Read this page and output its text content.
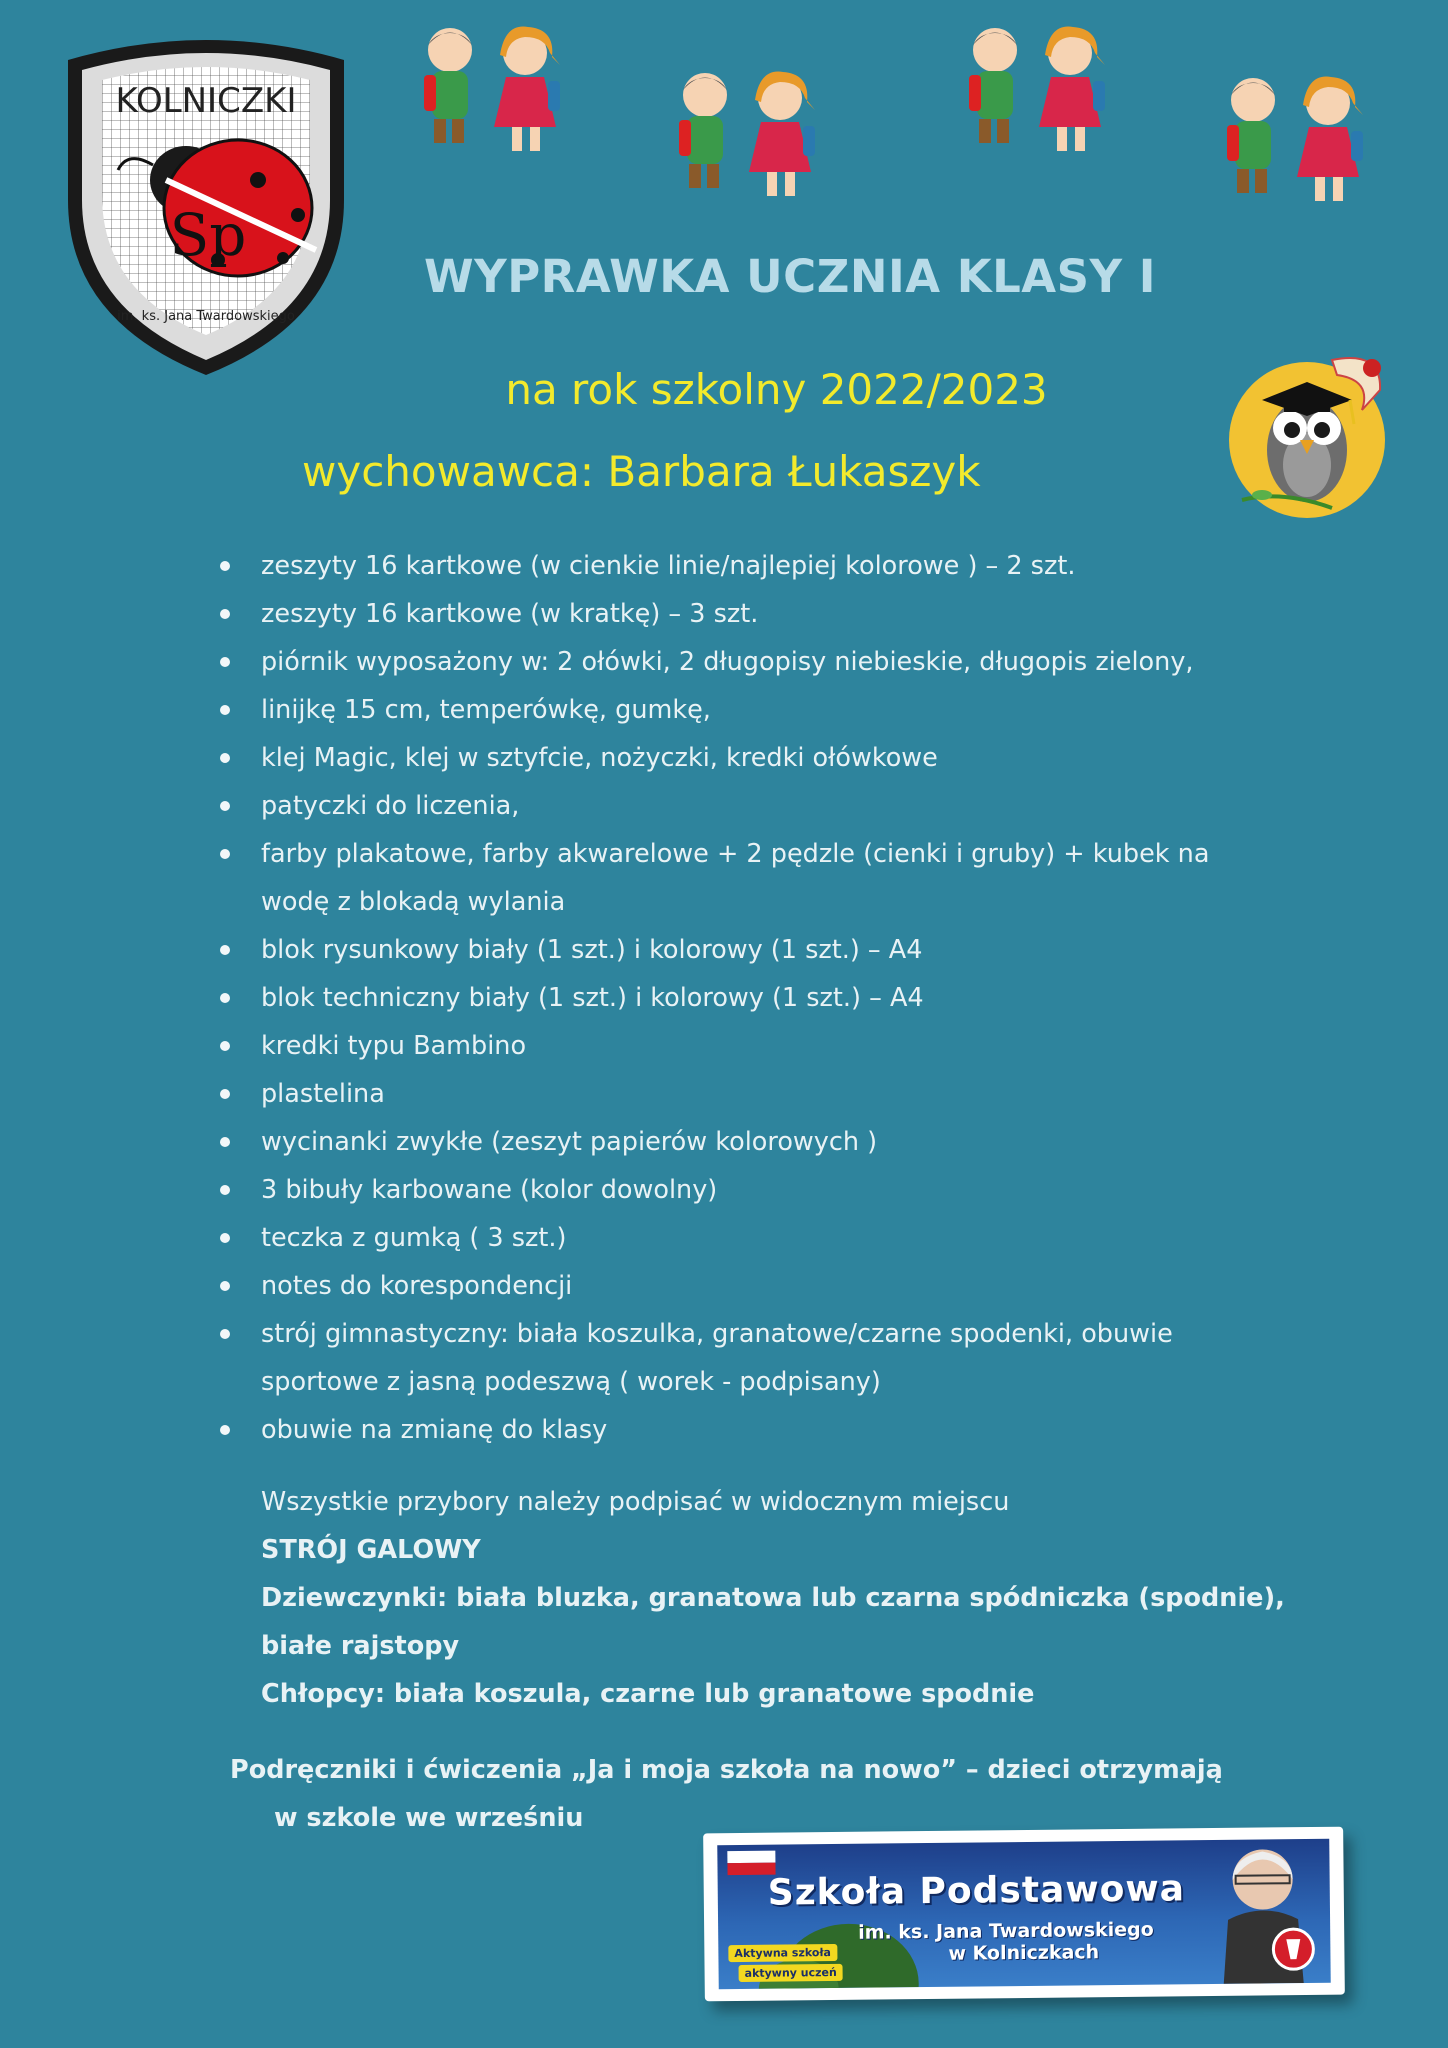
KOLNICZKI
Sp
im. ks. Jana Twardowskiego
WYPRAWKA UCZNIA KLASY I
na rok szkolny 2022/2023
wychowawca: Barbara Łukaszyk
zeszyty 16 kartkowe (w cienkie linie/najlepiej kolorowe ) – 2 szt.
zeszyty 16 kartkowe (w kratkę) – 3 szt.
piórnik wyposażony w: 2 ołówki, 2 długopisy niebieskie, długopis zielony,
linijkę 15 cm, temperówkę, gumkę,
klej Magic, klej w sztyfcie, nożyczki, kredki ołówkowe
patyczki do liczenia,
farby plakatowe, farby akwarelowe + 2 pędzle (cienki i gruby) + kubek na
wodę z blokadą wylania
blok rysunkowy biały (1 szt.) i kolorowy (1 szt.) – A4
blok techniczny biały (1 szt.) i kolorowy (1 szt.) – A4
kredki typu Bambino
plastelina
wycinanki zwykłe (zeszyt papierów kolorowych )
3 bibuły karbowane (kolor dowolny)
teczka z gumką ( 3 szt.)
notes do korespondencji
strój gimnastyczny: biała koszulka, granatowe/czarne spodenki, obuwie
sportowe z jasną podeszwą ( worek - podpisany)
obuwie na zmianę do klasy
Wszystkie przybory należy podpisać w widocznym miejscu
STRÓJ GALOWY
Dziewczynki: biała bluzka, granatowa lub czarna spódniczka (spodnie),
białe rajstopy
Chłopcy: biała koszula, czarne lub granatowe spodnie
Podręczniki i ćwiczenia „Ja i moja szkoła na nowo” – dzieci otrzymają
w szkole we wrześniu
Szkoła Podstawowa
im. ks. Jana Twardowskiego
w Kolniczkach
Aktywna szkoła
aktywny uczeń
